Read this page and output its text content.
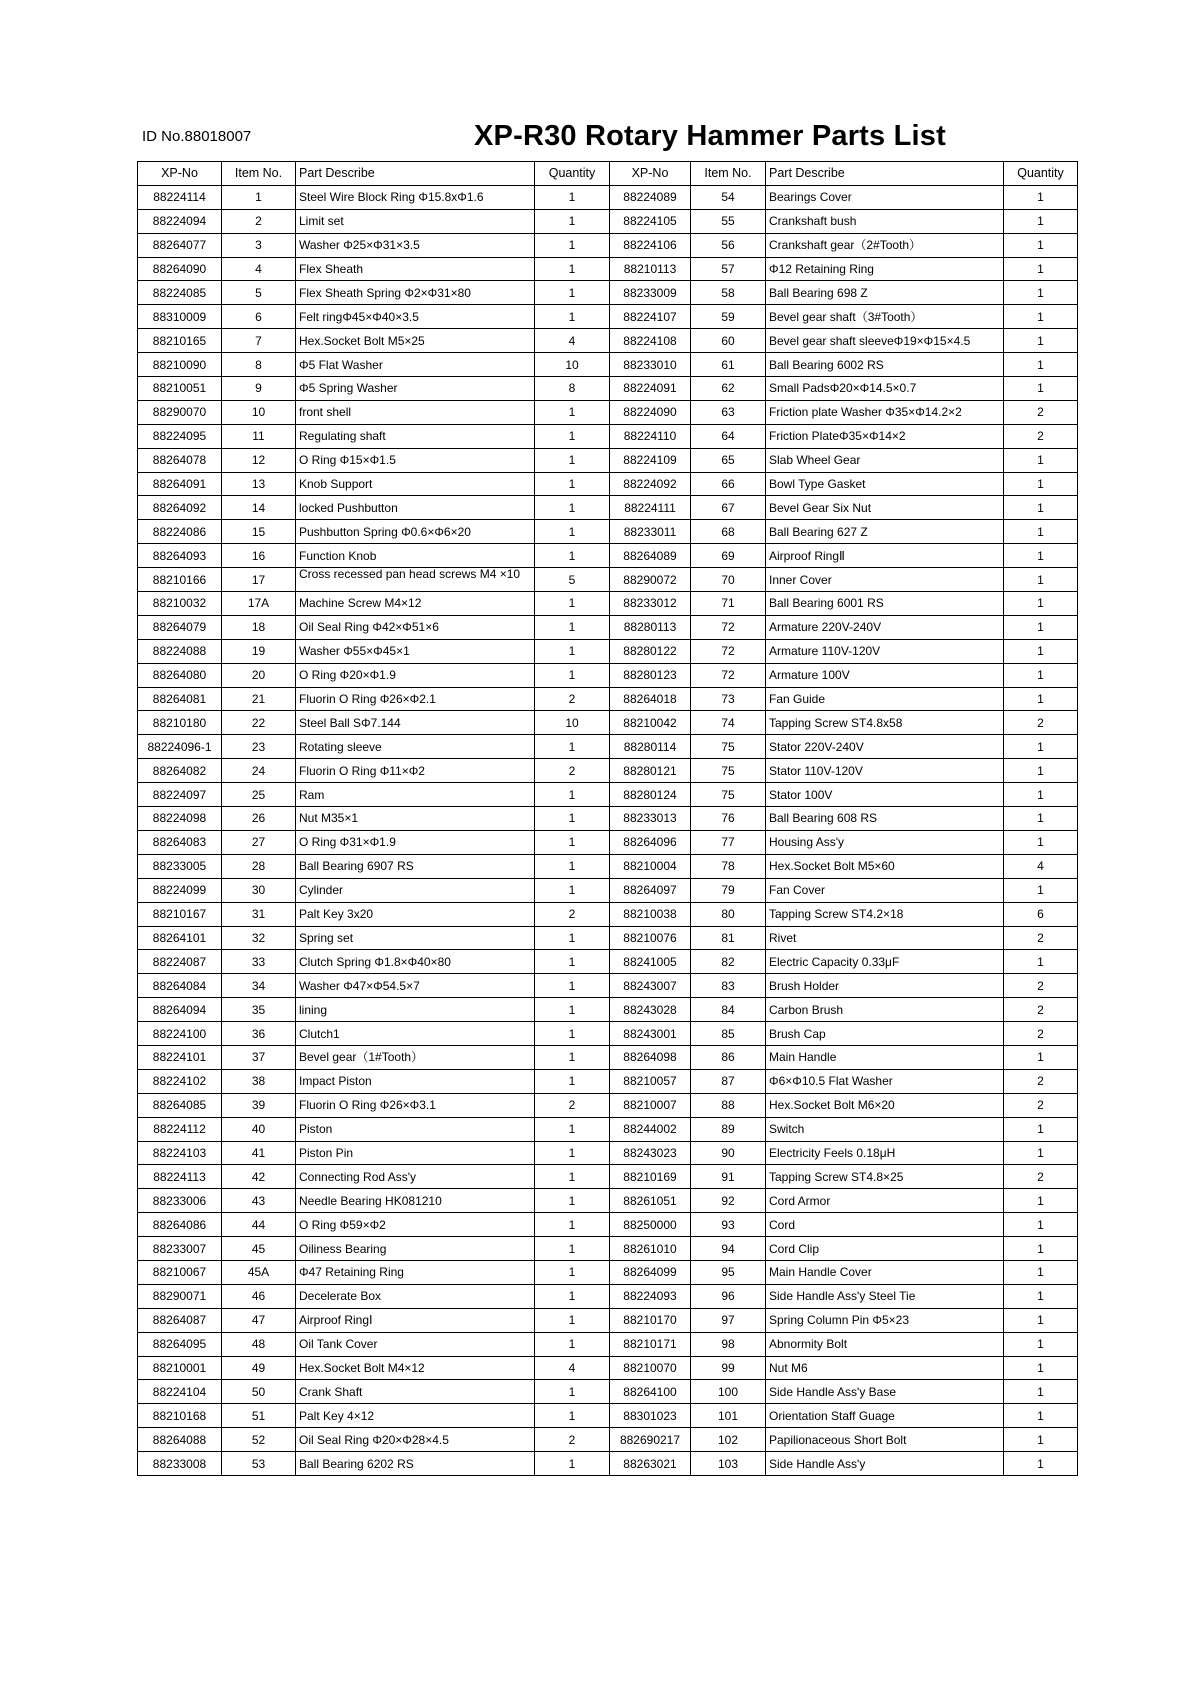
ID No.88018007	XP-R30 Rotary Hammer Parts List
XP-No	Item No.	Part Describe	Quantity	XP-No	Item No.	Part Describe	Quantity
88224114	1	Steel Wire Block Ring Φ15.8xΦ1.6	1	88224089	54	Bearings Cover	1
88224094	2	Limit set	1	88224105	55	Crankshaft bush	1
88264077	3	Washer Φ25×Φ31×3.5	1	88224106	56	Crankshaft gear（2#Tooth）	1
88264090	4	Flex Sheath	1	88210113	57	Φ12 Retaining Ring	1
88224085	5	Flex Sheath Spring Φ2×Φ31×80	1	88233009	58	Ball Bearing 698 Z	1
88310009	6	Felt ringΦ45×Φ40×3.5	1	88224107	59	Bevel gear shaft（3#Tooth）	1
88210165	7	Hex.Socket Bolt M5×25	4	88224108	60	Bevel gear shaft sleeveΦ19×Φ15×4.5	1
88210090	8	Φ5 Flat Washer	10	88233010	61	Ball Bearing 6002 RS	1
88210051	9	Φ5 Spring Washer	8	88224091	62	Small PadsΦ20×Φ14.5×0.7	1
88290070	10	front shell	1	88224090	63	Friction plate Washer Φ35×Φ14.2×2	2
88224095	11	Regulating shaft	1	88224110	64	Friction PlateΦ35×Φ14×2	2
88264078	12	O Ring Φ15×Φ1.5	1	88224109	65	Slab Wheel Gear	1
88264091	13	Knob Support	1	88224092	66	Bowl Type Gasket	1
88264092	14	locked Pushbutton	1	88224111	67	Bevel Gear Six Nut	1
88224086	15	Pushbutton Spring Φ0.6×Φ6×20	1	88233011	68	Ball Bearing 627 Z	1
88264093	16	Function Knob	1	88264089	69	Airproof RingⅡ	1
88210166	17	Cross recessed pan head screws M4 ×10	5	88290072	70	Inner Cover	1
88210032	17A	Machine Screw M4×12	1	88233012	71	Ball Bearing 6001 RS	1
88264079	18	Oil Seal Ring Φ42×Φ51×6	1	88280113	72	Armature 220V-240V	1
88224088	19	Washer Φ55×Φ45×1	1	88280122	72	Armature 110V-120V	1
88264080	20	O Ring Φ20×Φ1.9	1	88280123	72	Armature 100V	1
88264081	21	Fluorin O Ring Φ26×Φ2.1	2	88264018	73	Fan Guide	1
88210180	22	Steel Ball SΦ7.144	10	88210042	74	Tapping Screw ST4.8x58	2
88224096-1	23	Rotating sleeve	1	88280114	75	Stator 220V-240V	1
88264082	24	Fluorin O Ring Φ11×Φ2	2	88280121	75	Stator 110V-120V	1
88224097	25	Ram	1	88280124	75	Stator 100V	1
88224098	26	Nut M35×1	1	88233013	76	Ball Bearing 608 RS	1
88264083	27	O Ring Φ31×Φ1.9	1	88264096	77	Housing Ass'y	1
88233005	28	Ball Bearing 6907 RS	1	88210004	78	Hex.Socket Bolt M5×60	4
88224099	30	Cylinder	1	88264097	79	Fan Cover	1
88210167	31	Palt Key 3x20	2	88210038	80	Tapping Screw ST4.2×18	6
88264101	32	Spring set	1	88210076	81	Rivet	2
88224087	33	Clutch Spring Φ1.8×Φ40×80	1	88241005	82	Electric Capacity 0.33μF	1
88264084	34	Washer Φ47×Φ54.5×7	1	88243007	83	Brush Holder	2
88264094	35	lining	1	88243028	84	Carbon Brush	2
88224100	36	Clutch1	1	88243001	85	Brush Cap	2
88224101	37	Bevel gear（1#Tooth）	1	88264098	86	Main Handle	1
88224102	38	Impact Piston	1	88210057	87	Φ6×Φ10.5 Flat Washer	2
88264085	39	Fluorin O Ring Φ26×Φ3.1	2	88210007	88	Hex.Socket Bolt M6×20	2
88224112	40	Piston	1	88244002	89	Switch	1
88224103	41	Piston Pin	1	88243023	90	Electricity Feels 0.18μH	1
88224113	42	Connecting Rod Ass'y	1	88210169	91	Tapping Screw ST4.8×25	2
88233006	43	Needle Bearing HK081210	1	88261051	92	Cord Armor	1
88264086	44	O Ring Φ59×Φ2	1	88250000	93	Cord	1
88233007	45	Oiliness Bearing	1	88261010	94	Cord Clip	1
88210067	45A	Φ47 Retaining Ring	1	88264099	95	Main Handle Cover	1
88290071	46	Decelerate Box	1	88224093	96	Side Handle Ass'y Steel Tie	1
88264087	47	Airproof RingⅠ	1	88210170	97	Spring Column Pin Φ5×23	1
88264095	48	Oil Tank Cover	1	88210171	98	Abnormity Bolt	1
88210001	49	Hex.Socket Bolt M4×12	4	88210070	99	Nut M6	1
88224104	50	Crank Shaft	1	88264100	100	Side Handle Ass'y Base	1
88210168	51	Palt Key 4×12	1	88301023	101	Orientation Staff Guage	1
88264088	52	Oil Seal Ring Φ20×Φ28×4.5	2	882690217	102	Papilionaceous Short Bolt	1
88233008	53	Ball Bearing 6202 RS	1	88263021	103	Side Handle Ass'y	1
